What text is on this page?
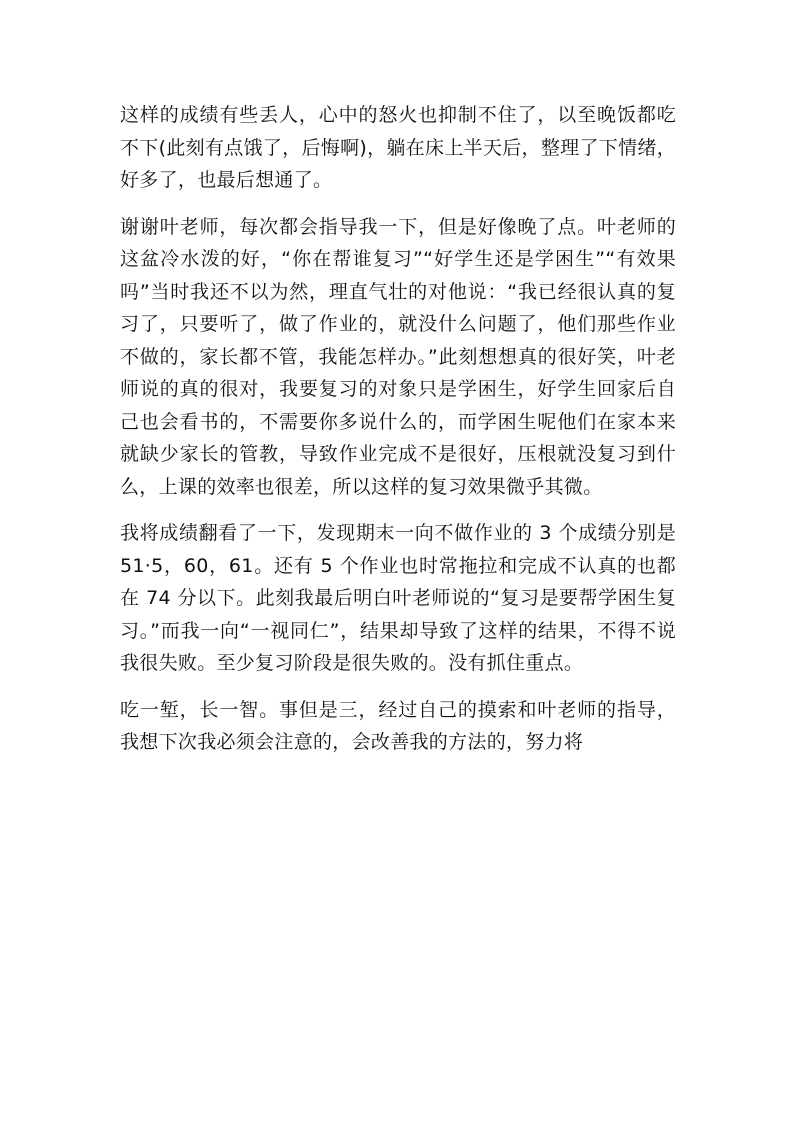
这样的成绩有些丢人，心中的怒火也抑制不住了，以至晚饭都吃不下(此刻有点饿了，后悔啊)，躺在床上半天后，整理了下情绪，好多了，也最后想通了。

谢谢叶老师，每次都会指导我一下，但是好像晚了点。叶老师的这盆冷水泼的好，“你在帮谁复习”“好学生还是学困生”“有效果吗”当时我还不以为然，理直气壮的对他说：“我已经很认真的复习了，只要听了，做了作业的，就没什么问题了，他们那些作业不做的，家长都不管，我能怎样办。”此刻想想真的很好笑，叶老师说的真的很对，我要复习的对象只是学困生，好学生回家后自己也会看书的，不需要你多说什么的，而学困生呢他们在家本来就缺少家长的管教，导致作业完成不是很好，压根就没复习到什么，上课的效率也很差，所以这样的复习效果微乎其微。

我将成绩翻看了一下，发现期末一向不做作业的 3 个成绩分别是 51·5，60，61。还有 5 个作业也时常拖拉和完成不认真的也都在 74 分以下。此刻我最后明白叶老师说的“复习是要帮学困生复习。”而我一向“一视同仁”，结果却导致了这样的结果，不得不说我很失败。至少复习阶段是很失败的。没有抓住重点。

吃一堑，长一智。事但是三，经过自己的摸索和叶老师的指导，我想下次我必须会注意的，会改善我的方法的，努力将
